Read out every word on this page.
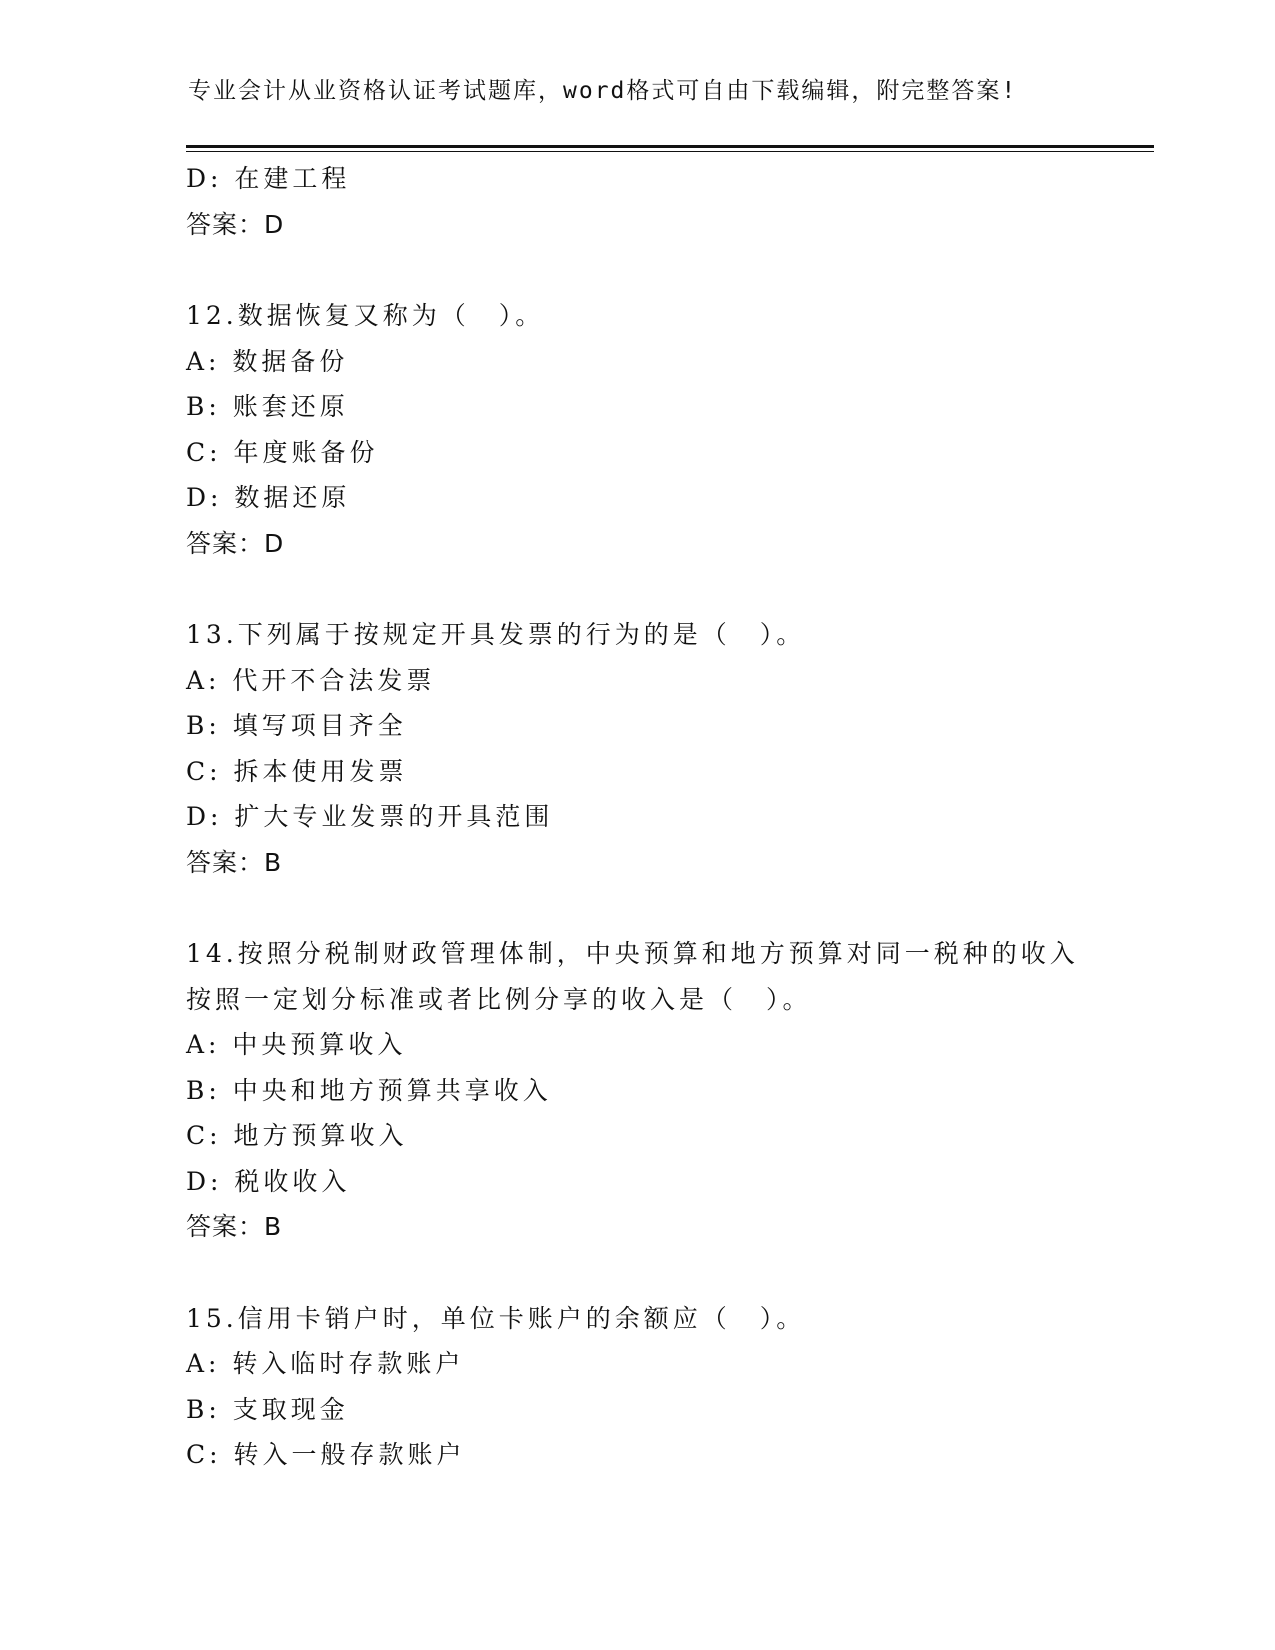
专业会计从业资格认证考试题库，word格式可自由下载编辑，附完整答案!
D: 在建工程
答案：D
12.数据恢复又称为（　）。
A: 数据备份
B: 账套还原
C: 年度账备份
D: 数据还原
答案：D
13.下列属于按规定开具发票的行为的是（　）。
A: 代开不合法发票
B: 填写项目齐全
C: 拆本使用发票
D: 扩大专业发票的开具范围
答案：B
14.按照分税制财政管理体制，中央预算和地方预算对同一税种的收入
按照一定划分标准或者比例分享的收入是（　）。
A: 中央预算收入
B: 中央和地方预算共享收入
C: 地方预算收入
D: 税收收入
答案：B
15.信用卡销户时，单位卡账户的余额应（　）。
A: 转入临时存款账户
B: 支取现金
C: 转入一般存款账户
